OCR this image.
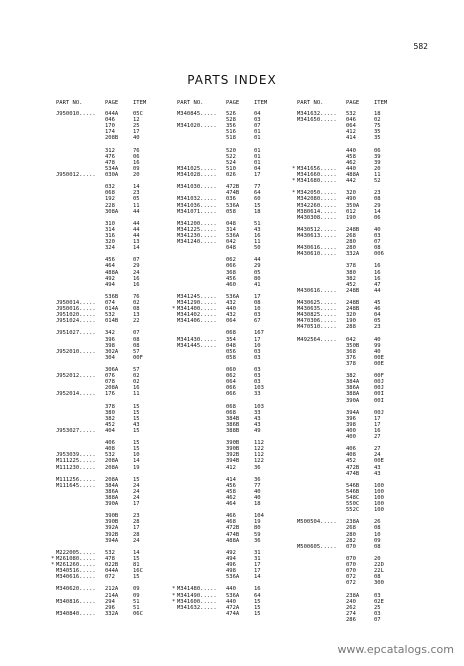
582
PARTS INDEX
PART NO.	PAGE	ITEM
J950010.....	044A	05C
046	12
170	25
174	17
208B	40
312	76
476	06
478	16
534A	09
J950012.....	030A	20
032	14
068	23
192	05
228	11
308A	44
310	44
314	44
316	44
320	13
324	14
456	07
464	29
488A	24
492	16
494	16
536B	76
J950014.....	074	02
J950016.....	014A	08
J951020.....	532	13
J951024.....	014B	22
J951027.....	342	07
396	08
398	08
J952010.....	302A	57
304	00F
306A	57
J952012.....	076	02
078	02
208A	16
J952014.....	176	11
378	15
380	15
382	15
452	43
J953027.....	404	15
406	15
408	15
J953039.....	532	10
M111225.....	208A	14
M111230.....	208A	19
M111256.....	208A	15
M111645.....	384A	24
386A	24
388A	24
390A	17
390B	23
390B	28
392A	17
392B	28
394A	24
M222005.....	532	14
* M261080.....	478	15
* M261260.....	022B	81
M340516.....	044A	16C
M340616.....	072	15
M340620.....	212A	09
214A	09
M340816.....	294	51
296	51
M340840.....	332A	06C
PART NO.	PAGE	ITEM
M340845.....	526	04
528	03
M341020.....	356	07
516	01
518	01
520	01
522	01
524	01
M341025.....	510	04
M341028.....	026	17
M341030.....	472B	77
474B	64
M341032.....	036	60
M341036.....	536A	15
M341071.....	058	18
M341200.....	048	51
M341225.....	314	43
M341230.....	536A	16
M341240.....	042	11
048	50
062	44
066	29
368	05
456	80
460	41
M341245.....	536A	17
M341290.....	432	08
* M341400.....	440	10
M341402.....	432	03
M341406.....	064	67
068	167
M341430.....	354	17
M341445.....	048	10
056	03
058	03
060	03
062	03
064	03
066	103
066	33
068	103
068	33
384B	43
386B	43
388B	49
390B	112
390B	122
392B	112
394B	122
412	36
414	36
456	77
458	40
462	40
464	18
466	104
468	19
472B	80
474B	59
488A	36
492	31
494	31
496	17
498	17
536A	14
* M341480.....	440	16
* M341490.....	536A	64
* M341600.....	440	15
M341632.....	472A	15
474A	15
PART NO.	PAGE	ITEM
M341632.....	532	18
M341650.....	046	02
064	75
412	35
414	35
440	06
458	39
462	39
* M341656.....	440	20
M341660.....	488A	11
* M341680.....	442	52
* M342050.....	320	23
M342080.....	490	08
M342260.....	350A	29
M380614.....	012	14
M430308.....	190	06
M430512.....	248B	40
M430613.....	268	03
280	07
M430616.....	280	08
M430610.....	332A	006
378	16
380	16
382	16
452	47
M430616.....	248B	44
M430625.....	248B	45
M430635.....	248B	46
M430825.....	320	04
M470306.....	190	05
M470510.....	288	23
M492564.....	042	40
350B	99
368	40
376	00E
378	00E
382	00F
384A	00J
386A	00J
388A	00I
390A	00I
394A	00J
396	17
398	17
400	16
400	27
406	27
408	24
452	00E
472B	43
474B	43
546B	100
546B	100
548C	100
550C	100
552C	100
M500504.....	238A	26
268	08
280	10
282	09
M500605.....	070	08
070	20
070	22D
070	22L
072	08
072	300
238A	03
240	02E
262	25
274	03
286	07
www.epcatalogs.com
